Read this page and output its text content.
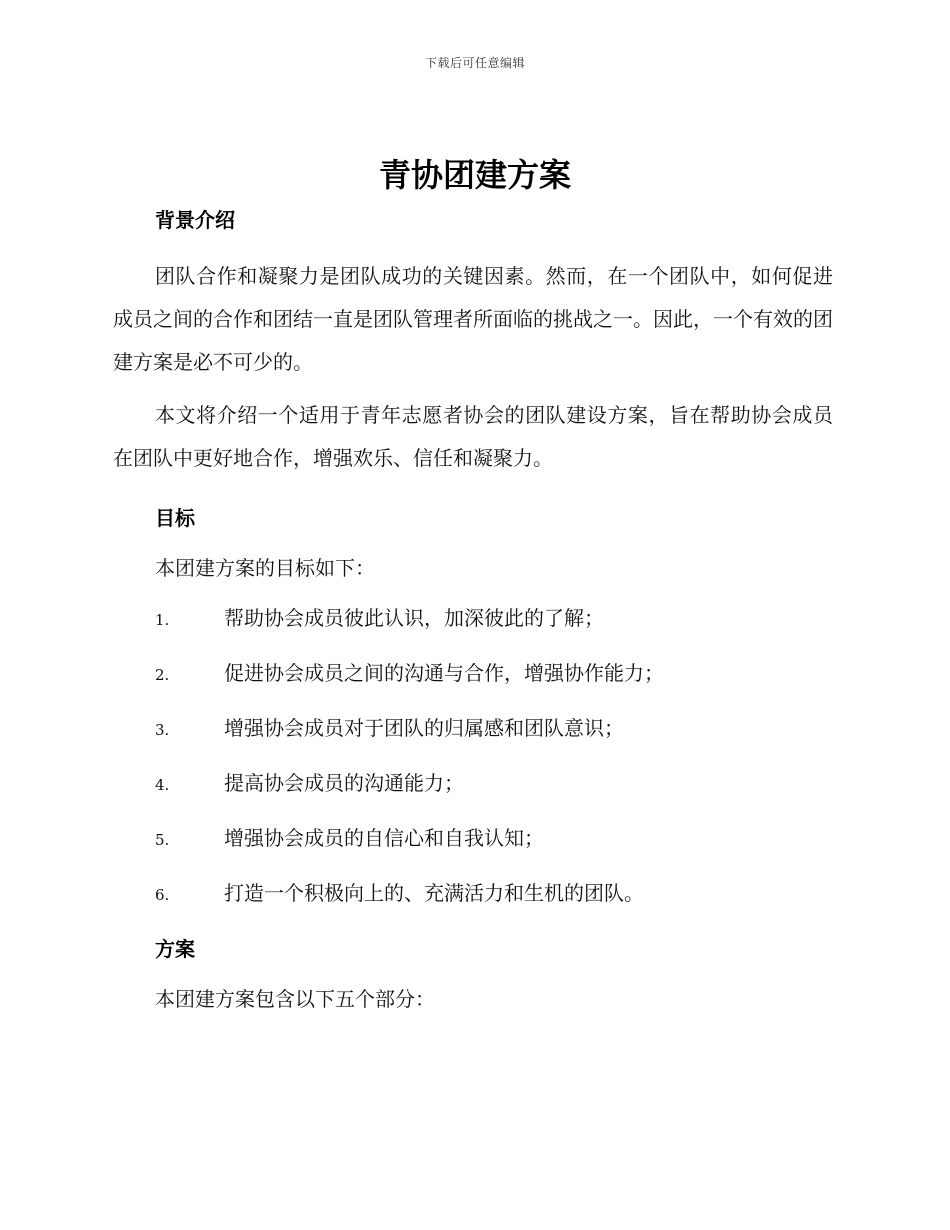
下载后可任意编辑
青协团建方案
背景介绍

团队合作和凝聚力是团队成功的关键因素。然而，在一个团队中，如何促进成员之间的合作和团结一直是团队管理者所面临的挑战之一。因此，一个有效的团建方案是必不可少的。

本文将介绍一个适用于青年志愿者协会的团队建设方案，旨在帮助协会成员在团队中更好地合作，增强欢乐、信任和凝聚力。

目标

本团建方案的目标如下：

1.	帮助协会成员彼此认识，加深彼此的了解；
2.	促进协会成员之间的沟通与合作，增强协作能力；
3.	增强协会成员对于团队的归属感和团队意识；
4.	提高协会成员的沟通能力；
5.	增强协会成员的自信心和自我认知；
6.	打造一个积极向上的、充满活力和生机的团队。
方案

本团建方案包含以下五个部分：
